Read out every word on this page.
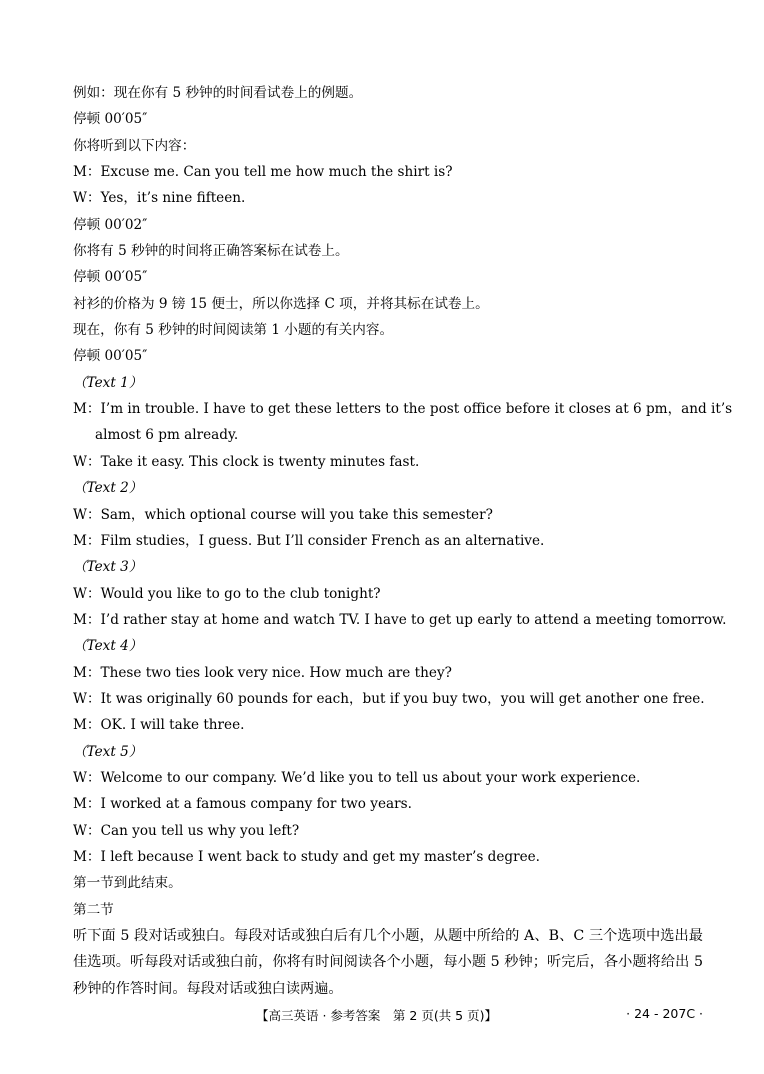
例如：现在你有 5 秒钟的时间看试卷上的例题。
停顿 00′05″
你将听到以下内容：
M：Excuse me. Can you tell me how much the shirt is?
W：Yes，it’s nine fifteen.
停顿 00′02″
你将有 5 秒钟的时间将正确答案标在试卷上。
停顿 00′05″
衬衫的价格为 9 镑 15 便士，所以你选择 C 项，并将其标在试卷上。
现在，你有 5 秒钟的时间阅读第 1 小题的有关内容。
停顿 00′05″
（Text 1）
M：I’m in trouble. I have to get these letters to the post office before it closes at 6 pm，and it’s
almost 6 pm already.
W：Take it easy. This clock is twenty minutes fast.
（Text 2）
W：Sam，which optional course will you take this semester?
M：Film studies，I guess. But I’ll consider French as an alternative.
（Text 3）
W：Would you like to go to the club tonight?
M：I’d rather stay at home and watch TV. I have to get up early to attend a meeting tomorrow.
（Text 4）
M：These two ties look very nice. How much are they?
W：It was originally 60 pounds for each，but if you buy two，you will get another one free.
M：OK. I will take three.
（Text 5）
W：Welcome to our company. We’d like you to tell us about your work experience.
M：I worked at a famous company for two years.
W：Can you tell us why you left?
M：I left because I went back to study and get my master’s degree.
第一节到此结束。
第二节
听下面 5 段对话或独白。每段对话或独白后有几个小题，从题中所给的 A、B、C 三个选项中选出最佳选项。听每段对话或独白前，你将有时间阅读各个小题，每小题 5 秒钟；听完后，各小题将给出 5 秒钟的作答时间。每段对话或独白读两遍。
【高三英语 · 参考答案　第 2 页(共 5 页)】	· 24 - 207C ·
